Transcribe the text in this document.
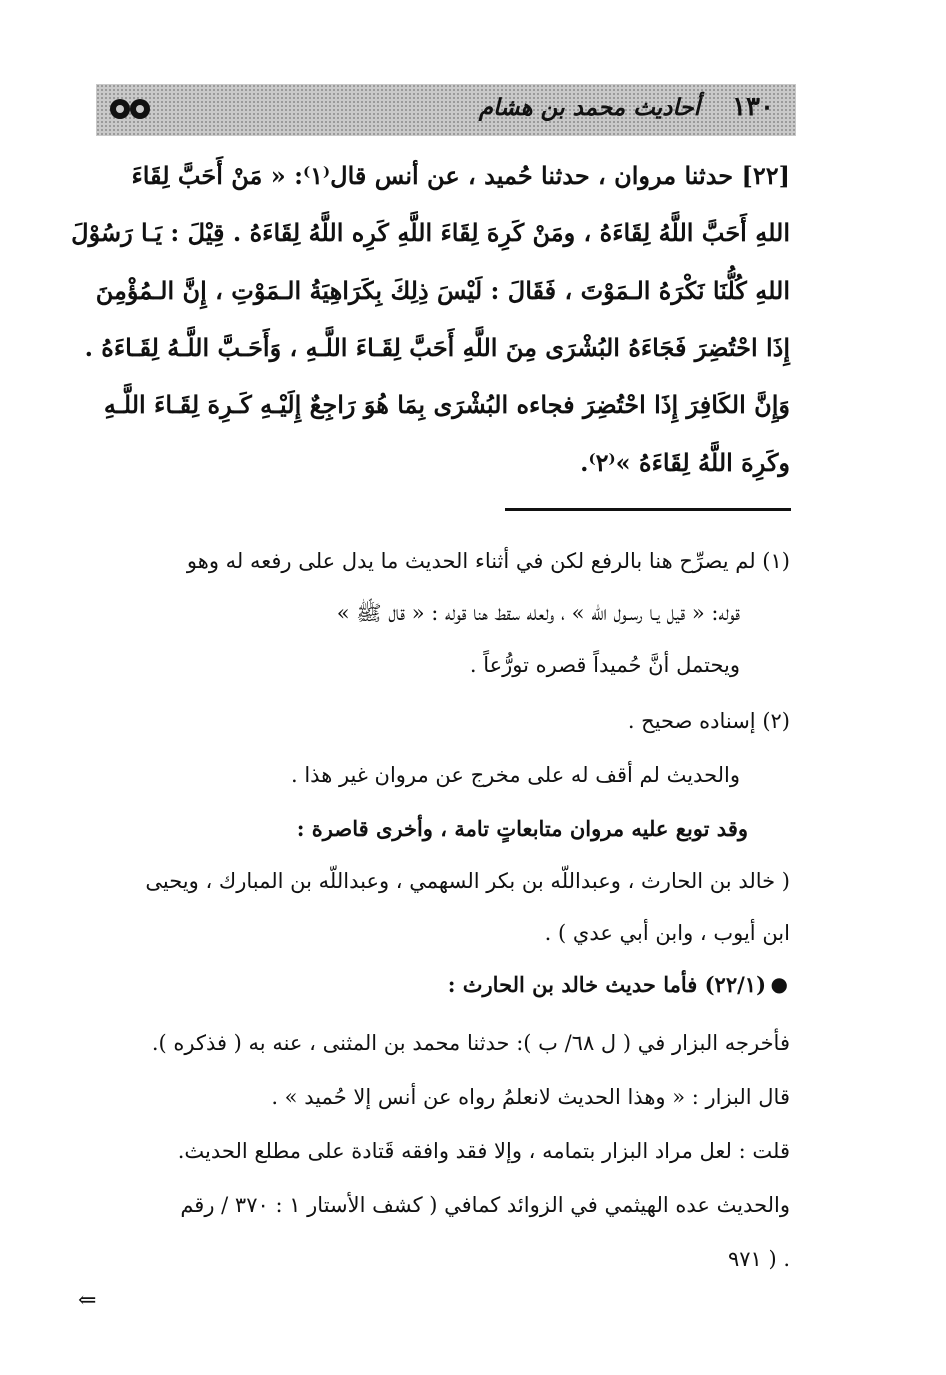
١٣٠
أحاديث محمد بن هشام
[٢٢] حدثنا مروان ، حدثنا حُميد ، عن أنس قال⁽١⁾: « مَنْ أَحَبَّ لِقَاءَ
اللهِ أَحَبَّ اللَّهُ لِقَاءَهُ ، ومَنْ كَرِهَ لِقَاءَ اللَّهِ كَرِه اللَّهُ لِقَاءَهُ . قِيْلَ : يَـا رَسُوْلَ
اللهِ كُلُّنَا نَكْرَهُ الـمَوْتَ ، فَقَالَ : لَيْسَ ذِلِكَ بِكَرَاهِيَةُ الـمَوْتِ ، إِنَّ الـمُؤْمِنَ
إِذَا احْتُضِرَ فَجَاءَهُ البُشْرَى مِنَ اللَّهِ أَحَبَّ لِقَـاءَ اللَّـهِ ، وَأَحَـبَّ اللَّـهُ لِقَـاءَهُ .
وَإِنَّ الكَافِرَ إِذَا احْتُضِرَ فجاءه البُشْرَى بِمَا هُوَ رَاجِعٌ إِلَيْـهِ كَـرِهَ لِقَـاءَ اللَّـهِ
وكَرِهَ اللَّهُ لِقَاءَهُ »⁽٢⁾.
(١) لم يصرِّح هنا بالرفع لكن في أثناء الحديث ما يدل على رفعه له وهو
قوله: « قيل يـا رسـول اللّه » ، ولعله سقط هنا قوله : « قال ﷺ »
ويحتمل أنَّ حُميداً قصره تورُّعاً .
(٢) إسناده صحيح .
والحديث لم أقف له على مخرج عن مروان غير هذا .
وقد توبع عليه مروان متابعاتٍ تامة ، وأخرى قاصرة :
( خالد بن الحارث ، وعبداللّه بن بكر السهمي ، وعبداللّه بن المبارك ، ويحيى
ابن أيوب ، وابن أبي عدي ) .
(٢٢/١) فأما حديث خالد بن الحارث : ●
فأخرجه البزار في ( ل ٦٨/ ب ): حدثنا محمد بن المثنى ، عنه به ( فذكره ).
قال البزار : « وهذا الحديث لانعلمُ رواه عن أنس إلا حُميد » .
قلت : لعل مراد البزار بتمامه ، وإلا فقد وافقه قَتادة على مطلع الحديث.
والحديث عده الهيثمي في الزوائد كمافي ( كشف الأستار ١ : ٣٧٠ / رقم
. ( ٩٧١
⇐
